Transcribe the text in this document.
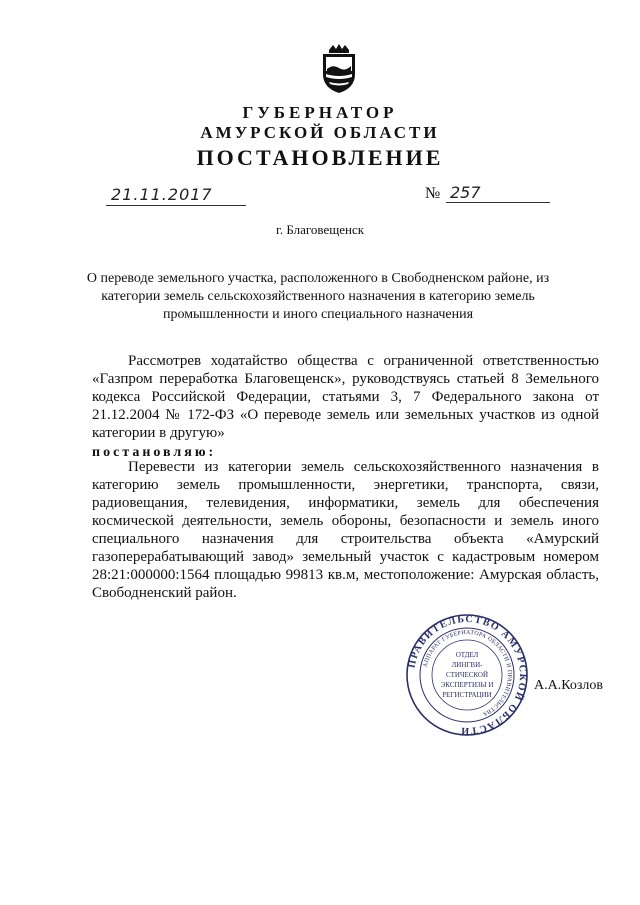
ГУБЕРНАТОР
АМУРСКОЙ ОБЛАСТИ
ПОСТАНОВЛЕНИЕ
21.11.2017	№ 257
г. Благовещенск
О переводе земельного участка, расположенного в Свободненском районе, из категории земель сельскохозяйственного назначения в категорию земель промышленности и иного специального назначения
Рассмотрев ходатайство общества с ограниченной ответственностью «Газпром переработка Благовещенск», руководствуясь статьей 8 Земельного кодекса Российской Федерации, статьями 3, 7 Федерального закона от 21.12.2004 № 172-ФЗ «О переводе земель или земельных участков из одной категории в другую»
постановляю:
Перевести из категории земель сельскохозяйственного назначения в категорию земель промышленности, энергетики, транспорта, связи, радиовещания, телевидения, информатики, земель для обеспечения космической деятельности, земель обороны, безопасности и земель иного специального назначения для строительства объекта «Амурский газоперерабатывающий завод» земельный участок с кадастровым номером 28:21:000000:1564 площадью 99813 кв.м, местоположение: Амурская область, Свободненский район.
ПРАВИТЕЛЬСТВО АМУРСКОЙ ОБЛАСТИ
АППАРАТ ГУБЕРНАТОРА ОБЛАСТИ И ПРАВИТЕЛЬСТВА
ОТДЕЛ
ЛИНГВИ-
СТИЧЕСКОЙ
ЭКСПЕРТИЗЫ И
РЕГИСТРАЦИИ
А.А.Козлов
